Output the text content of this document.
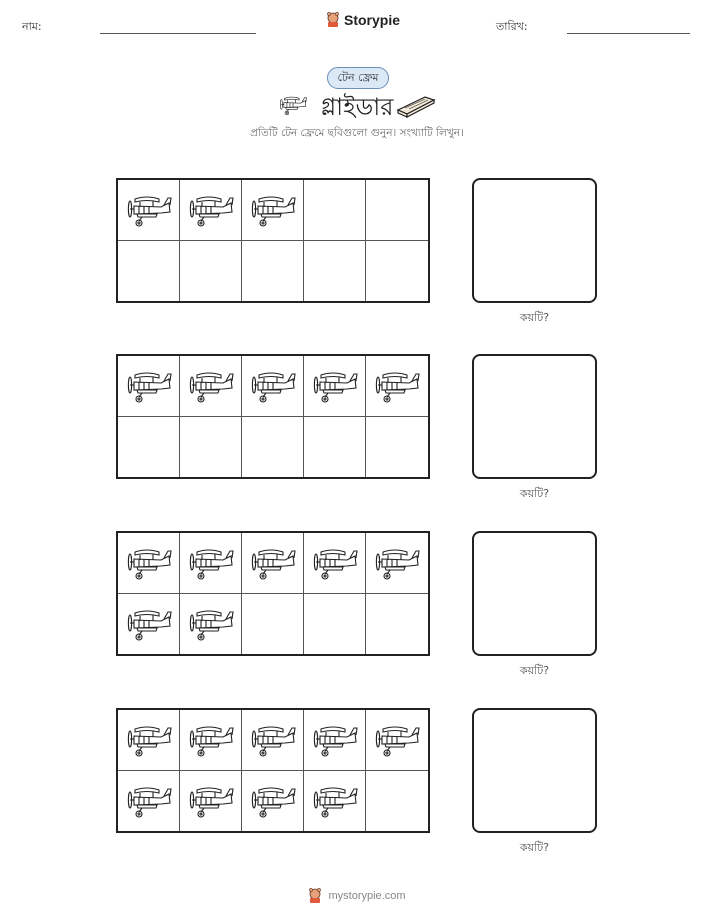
নাম:	Storypie	তারিখ:
টেন ফ্রেম
গ্লাইডার
প্রতিটি টেন ফ্রেমে ছবিগুলো গুনুন। সংখ্যাটি লিখুন।
কয়টি?
কয়টি?
কয়টি?
কয়টি?
mystorypie.com
